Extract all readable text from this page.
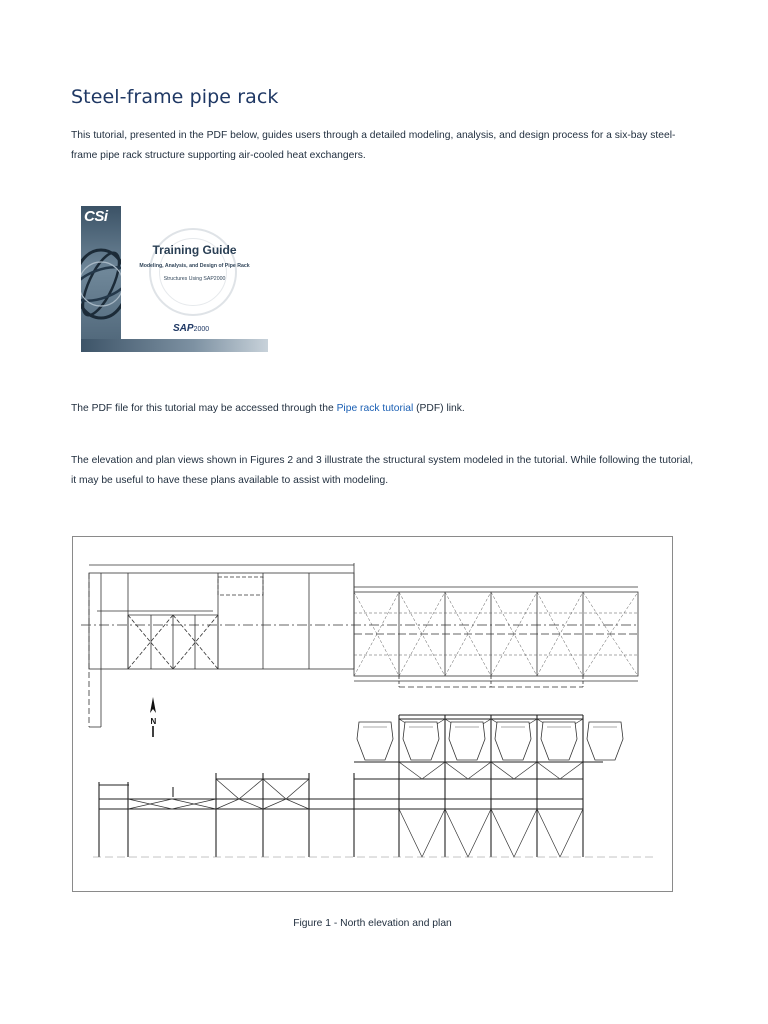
Steel-frame pipe rack

This tutorial, presented in the PDF below, guides users through a detailed modeling, analysis, and design process for a six-bay steel-frame pipe rack structure supporting air-cooled heat exchangers.

CSi
Training Guide
Modeling, Analysis, and Design of Pipe Rack
Structures Using SAP2000
SAP2000

The PDF file for this tutorial may be accessed through the Pipe rack tutorial (PDF) link.

The elevation and plan views shown in Figures 2 and 3 illustrate the structural system modeled in the tutorial. While following the tutorial, it may be useful to have these plans available to assist with modeling.

N

Figure 1 - North elevation and plan
